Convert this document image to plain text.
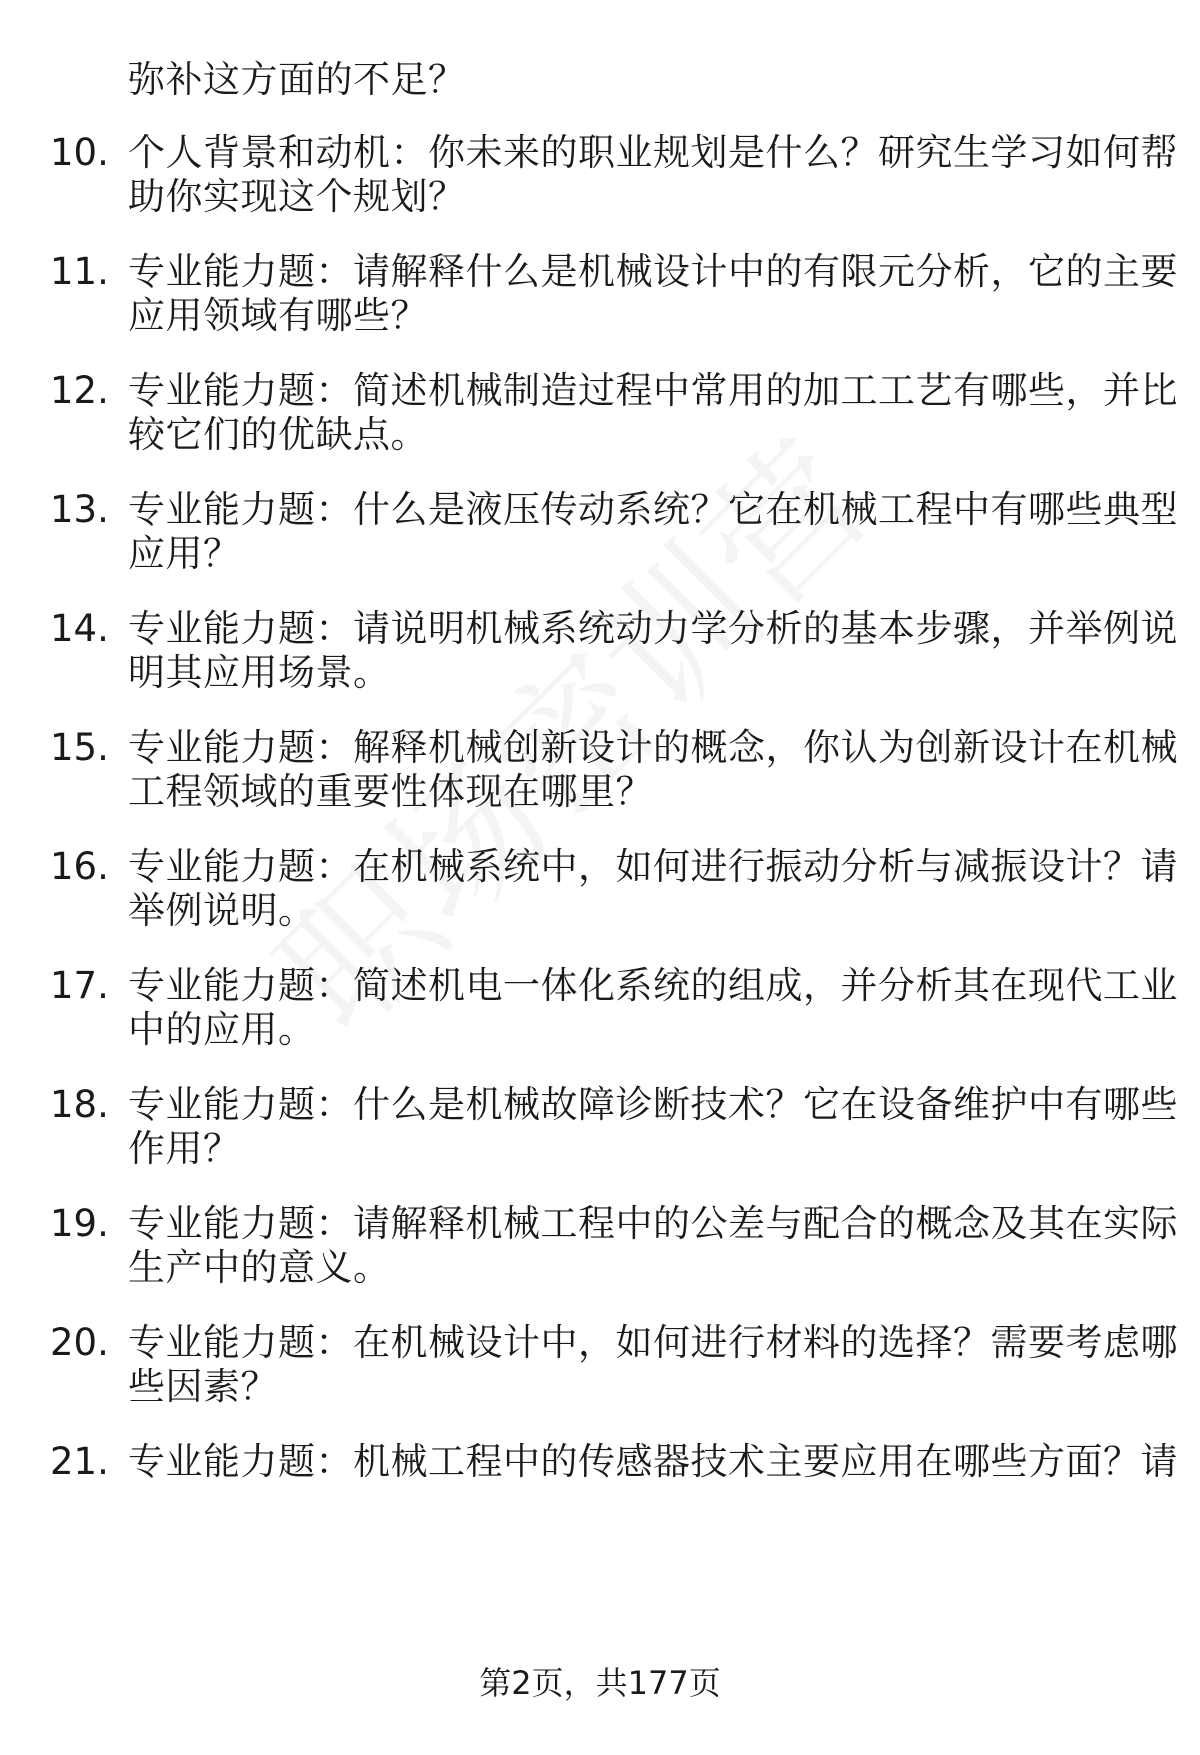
弥补这方面的不足？
10. 个人背景和动机：你未来的职业规划是什么？研究生学习如何帮
助你实现这个规划？
11. 专业能力题：请解释什么是机械设计中的有限元分析，它的主要
应用领域有哪些？
12. 专业能力题：简述机械制造过程中常用的加工工艺有哪些，并比
较它们的优缺点。
13. 专业能力题：什么是液压传动系统？它在机械工程中有哪些典型
应用？
14. 专业能力题：请说明机械系统动力学分析的基本步骤，并举例说
明其应用场景。
15. 专业能力题：解释机械创新设计的概念，你认为创新设计在机械
工程领域的重要性体现在哪里？
16. 专业能力题：在机械系统中，如何进行振动分析与减振设计？请
举例说明。
17. 专业能力题：简述机电一体化系统的组成，并分析其在现代工业
中的应用。
18. 专业能力题：什么是机械故障诊断技术？它在设备维护中有哪些
作用？
19. 专业能力题：请解释机械工程中的公差与配合的概念及其在实际
生产中的意义。
20. 专业能力题：在机械设计中，如何进行材料的选择？需要考虑哪
些因素？
21. 专业能力题：机械工程中的传感器技术主要应用在哪些方面？请
第2页，共177页
